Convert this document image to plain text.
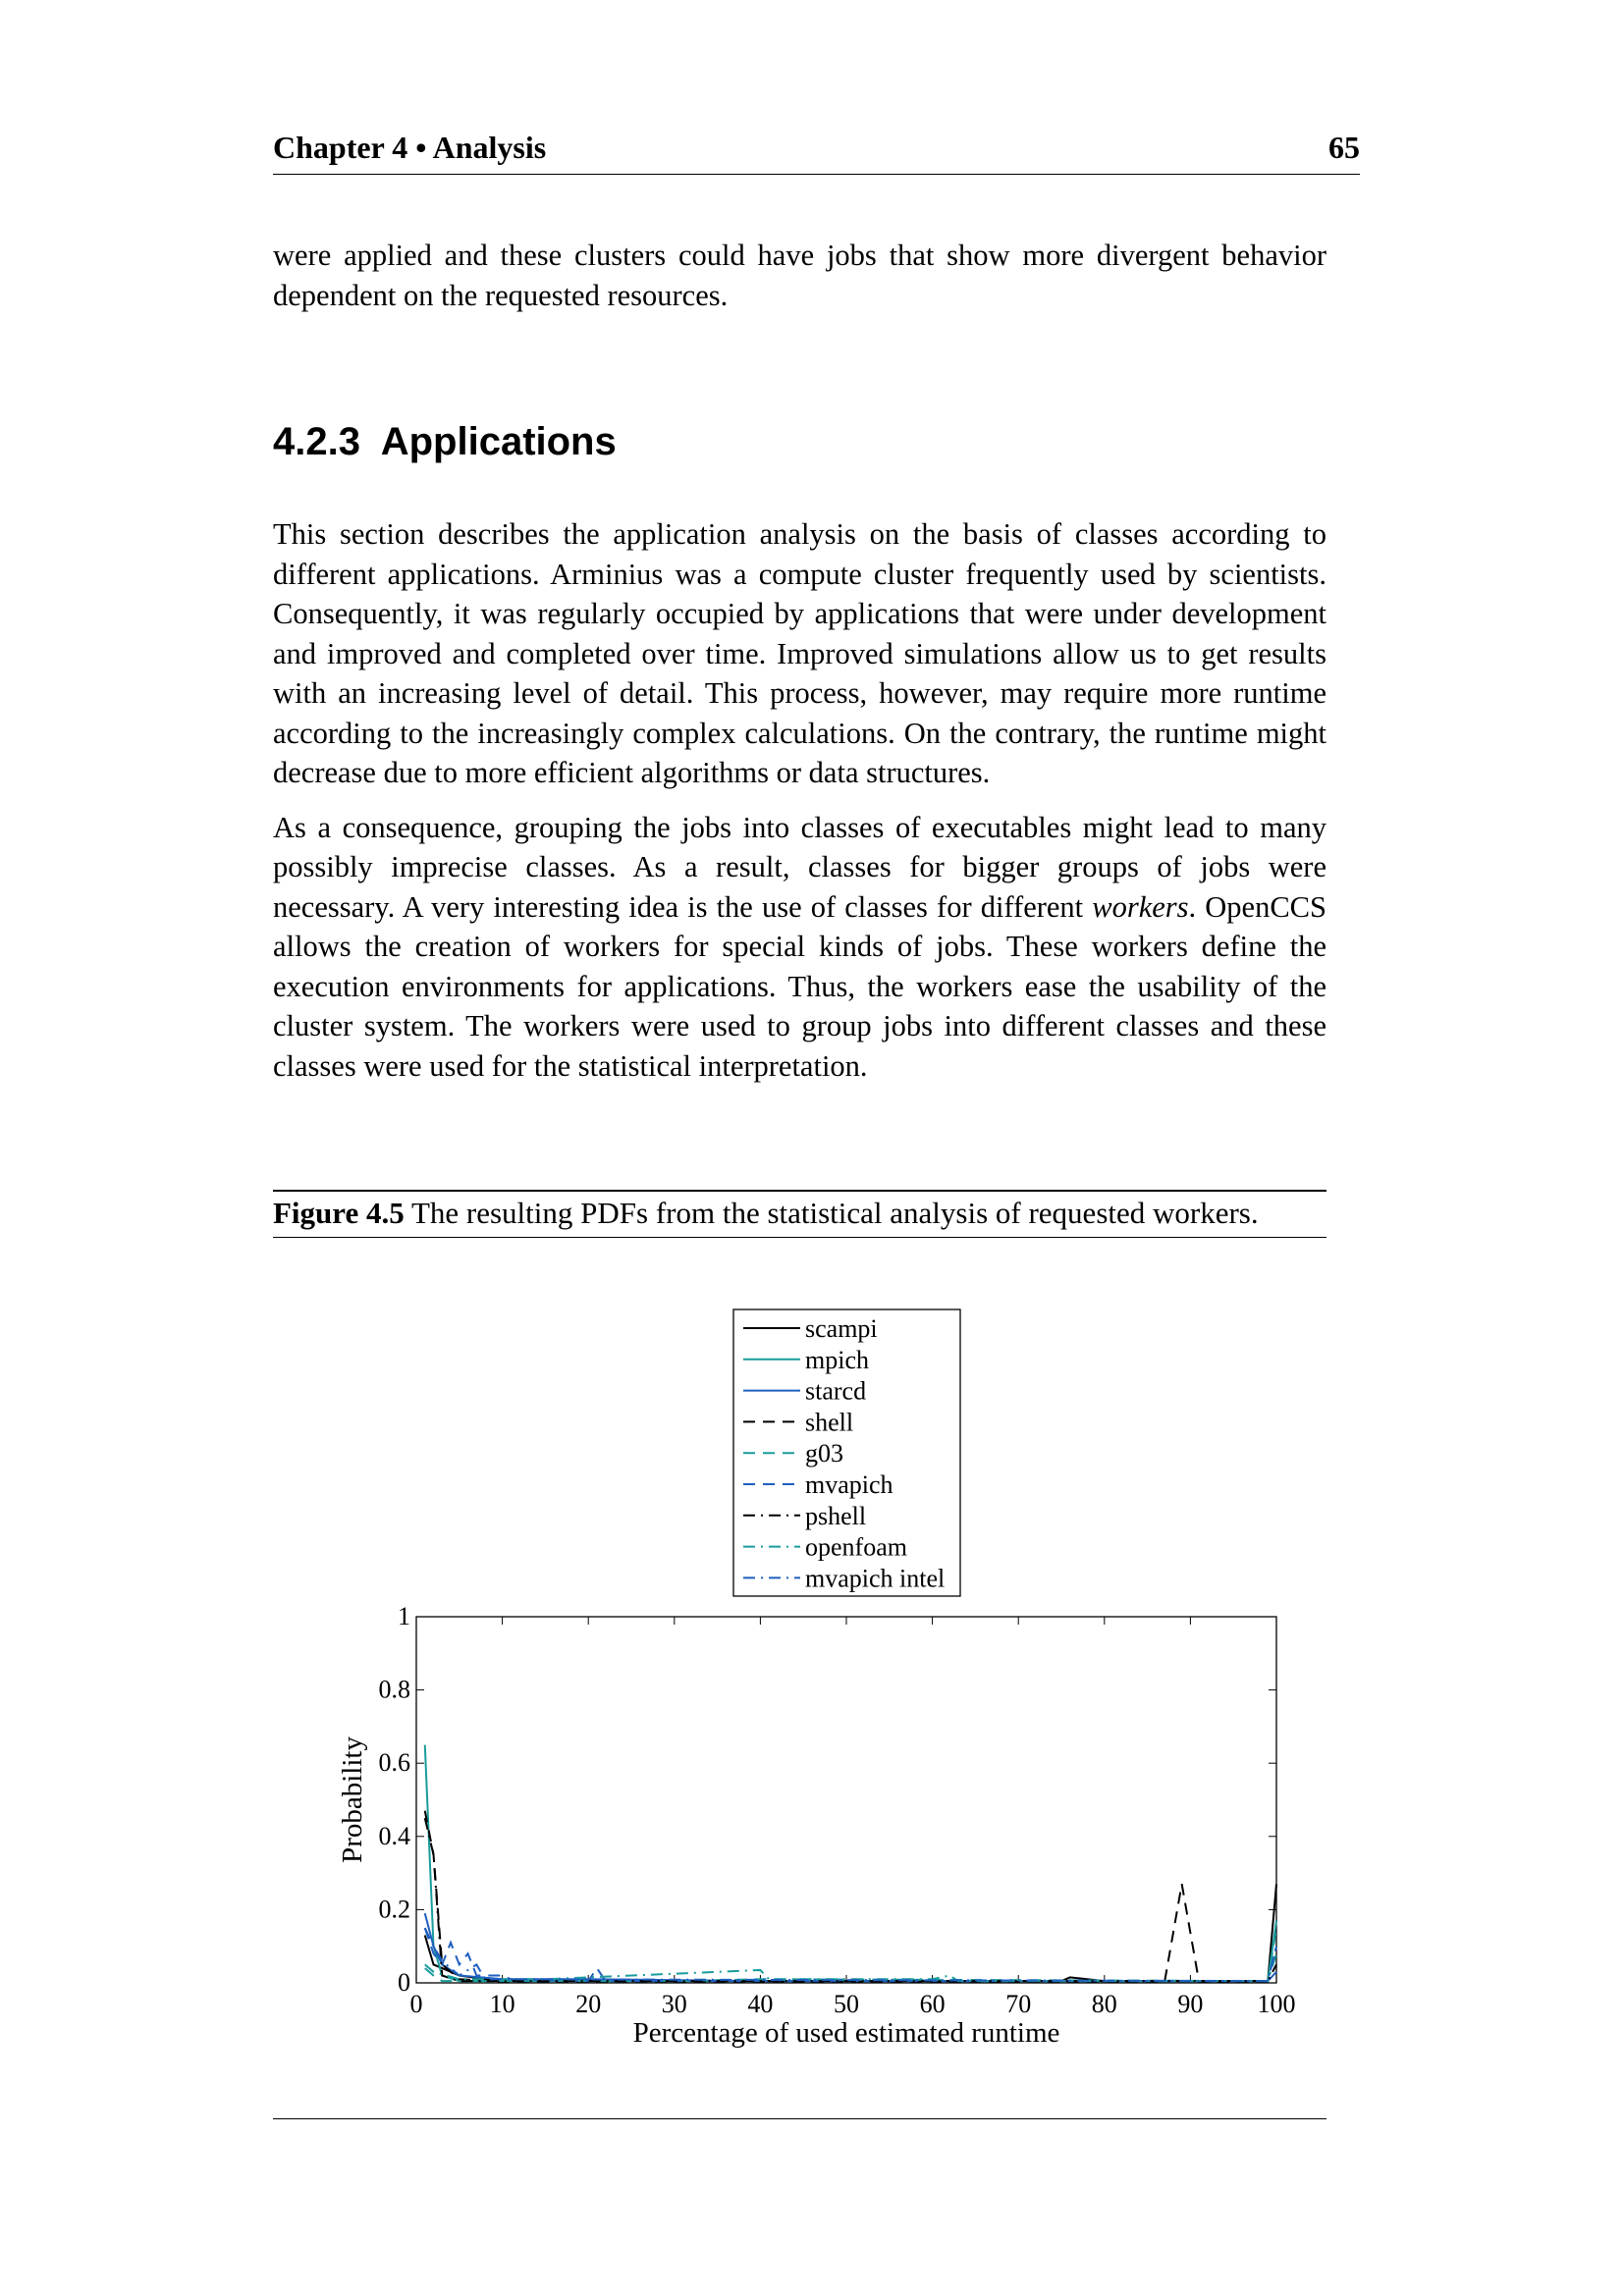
Chapter 4 • Analysis	65

were applied and these clusters could have jobs that show more divergent behavior dependent on the requested resources.

4.2.3 Applications

This section describes the application analysis on the basis of classes according to different applications. Arminius was a compute cluster frequently used by scientists. Consequently, it was regularly occupied by applications that were under development and improved and completed over time. Improved simulations allow us to get results with an increasing level of detail. This process, however, may require more runtime according to the increasingly complex calculations. On the contrary, the runtime might decrease due to more efficient algorithms or data structures.

As a consequence, grouping the jobs into classes of executables might lead to many possibly imprecise classes. As a result, classes for bigger groups of jobs were necessary. A very interesting idea is the use of classes for different workers. OpenCCS allows the creation of workers for special kinds of jobs. These workers define the execution environments for applications. Thus, the workers ease the usability of the cluster system. The workers were used to group jobs into different classes and these classes were used for the statistical interpretation.

Figure 4.5 The resulting PDFs from the statistical analysis of requested workers.
0	10 20 30 40 50 60 70 80 90 100
0
0.2
0.4
0.6
0.8
1
Percentage of used estimated runtime
Probability
scampi
mpich
starcd
shell
g03
mvapich
pshell
openfoam
mvapich intel
